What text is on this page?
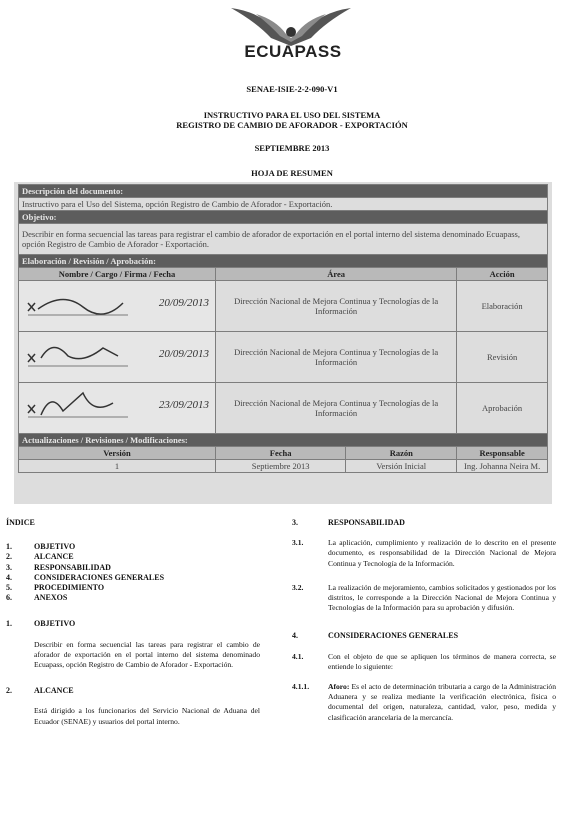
ECUAPASS
SENAE-ISIE-2-2-090-V1
INSTRUCTIVO PARA EL USO DEL SISTEMA
REGISTRO DE CAMBIO DE AFORADOR - EXPORTACIÓN
SEPTIEMBRE 2013
HOJA DE RESUMEN
Descripción del documento:			
Instructivo para el Uso del Sistema, opción Registro de Cambio de Aforador - Exportación.			
Objetivo:			
Describir en forma secuencial las tareas para registrar el cambio de aforador de exportación en el portal interno del sistema denominado Ecuapass, opción Registro de Cambio de Aforador - Exportación.			
Elaboración / Revisión / Aprobación:			
Nombre / Cargo / Firma / Fecha	Área		Acción

20/09/2013	Dirección Nacional de Mejora Continua y Tecnologías de la Información		Elaboración

20/09/2013	Dirección Nacional de Mejora Continua y Tecnologías de la Información		Revisión

23/09/2013	Dirección Nacional de Mejora Continua y Tecnologías de la Información		Aprobación
Actualizaciones / Revisiones / Modificaciones:			
Versión	Fecha	Razón	Responsable
1	Septiembre 2013	Versión Inicial	Ing. Johanna Neira M.
ÍNDICE
1.	OBJETIVO
2.	ALCANCE
3.	RESPONSABILIDAD
4.	CONSIDERACIONES GENERALES
5.	PROCEDIMIENTO
6.	ANEXOS
1.	OBJETIVO
Describir en forma secuencial las tareas para registrar el cambio de aforador de exportación en el portal interno del sistema denominado Ecuapass, opción Registro de Cambio de Aforador - Exportación.
2.	ALCANCE
Está dirigido a los funcionarios del Servicio Nacional de Aduana del Ecuador (SENAE) y usuarios del portal interno.
3.	RESPONSABILIDAD
3.1.	La aplicación, cumplimiento y realización de lo descrito en el presente documento, es responsabilidad de la Dirección Nacional de Mejora Continua y Tecnología de la Información.
3.2.	La realización de mejoramiento, cambios solicitados y gestionados por los distritos, le corresponde a la Dirección Nacional de Mejora Continua y Tecnologías de la Información para su aprobación y difusión.
4.	CONSIDERACIONES GENERALES
4.1.	Con el objeto de que se apliquen los términos de manera correcta, se entiende lo siguiente:
4.1.1.	Aforo: Es el acto de determinación tributaria a cargo de la Administración Aduanera y se realiza mediante la verificación electrónica, física o documental del origen, naturaleza, cantidad, valor, peso, medida y clasificación arancelaria de la mercancía.
